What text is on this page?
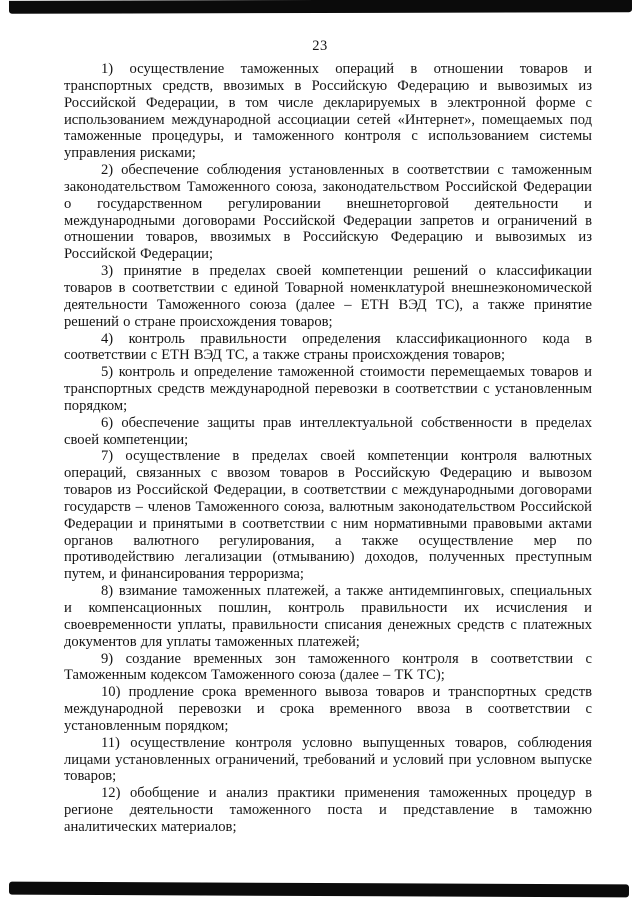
23

1) осуществление таможенных операций в отношении товаров и транспортных средств, ввозимых в Российскую Федерацию и вывозимых из Российской Федерации, в том числе декларируемых в электронной форме с использованием международной ассоциации сетей «Интернет», помещаемых под таможенные процедуры, и таможенного контроля с использованием системы управления рисками;

2) обеспечение соблюдения установленных в соответствии с таможенным законодательством Таможенного союза, законодательством Российской Федерации о государственном регулировании внешнеторговой деятельности и международными договорами Российской Федерации запретов и ограничений в отношении товаров, ввозимых в Российскую Федерацию и вывозимых из Российской Федерации;

3) принятие в пределах своей компетенции решений о классификации товаров в соответствии с единой Товарной номенклатурой внешнеэкономической деятельности Таможенного союза (далее – ЕТН ВЭД ТС), а также принятие решений о стране происхождения товаров;

4) контроль правильности определения классификационного кода в соответствии с ЕТН ВЭД ТС, а также страны происхождения товаров;

5) контроль и определение таможенной стоимости перемещаемых товаров и транспортных средств международной перевозки в соответствии с установленным порядком;

6) обеспечение защиты прав интеллектуальной собственности в пределах своей компетенции;

7) осуществление в пределах своей компетенции контроля валютных операций, связанных с ввозом товаров в Российскую Федерацию и вывозом товаров из Российской Федерации, в соответствии с международными договорами государств – членов Таможенного союза, валютным законодательством Российской Федерации и принятыми в соответствии с ним нормативными правовыми актами органов валютного регулирования, а также осуществление мер по противодействию легализации (отмыванию) доходов, полученных преступным путем, и финансирования терроризма;

8) взимание таможенных платежей, а также антидемпинговых, специальных и компенсационных пошлин, контроль правильности их исчисления и своевременности уплаты, правильности списания денежных средств с платежных документов для уплаты таможенных платежей;

9) создание временных зон таможенного контроля в соответствии с Таможенным кодексом Таможенного союза (далее – ТК ТС);

10) продление срока временного вывоза товаров и транспортных средств международной перевозки и срока временного ввоза в соответствии с установленным порядком;

11) осуществление контроля условно выпущенных товаров, соблюдения лицами установленных ограничений, требований и условий при условном выпуске товаров;

12) обобщение и анализ практики применения таможенных процедур в регионе деятельности таможенного поста и представление в таможню аналитических материалов;
